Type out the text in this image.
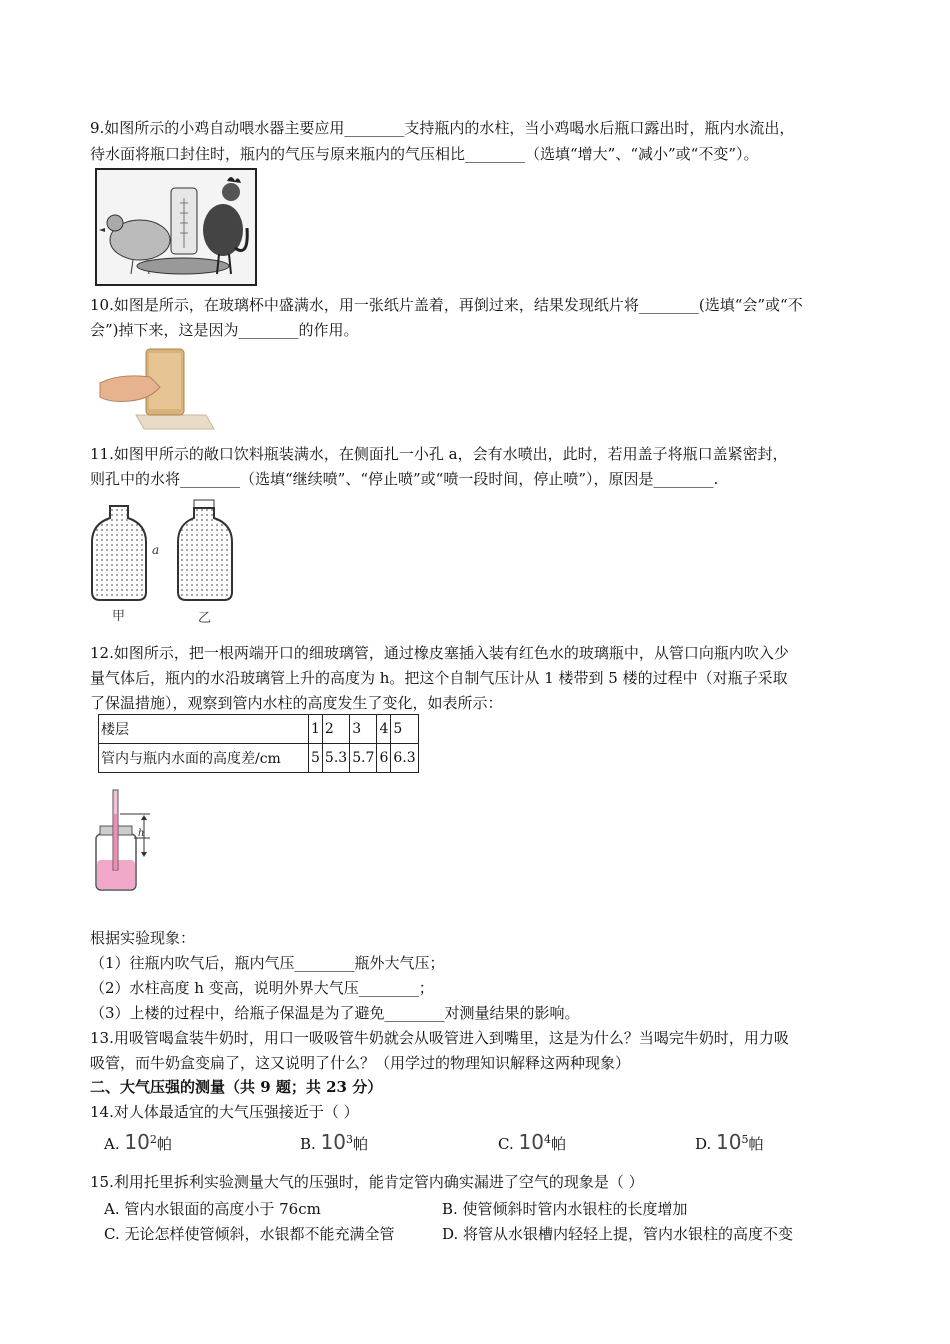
9.如图所示的小鸡自动喂水器主要应用________支持瓶内的水柱，当小鸡喝水后瓶口露出时，瓶内水流出，
待水面将瓶口封住时，瓶内的气压与原来瓶内的气压相比________（选填“增大”、“减小”或“不变”）。
10.如图是所示，在玻璃杯中盛满水，用一张纸片盖着，再倒过来，结果发现纸片将________(选填“会”或“不
会”)掉下来，这是因为________的作用。
11.如图甲所示的敞口饮料瓶装满水，在侧面扎一小孔 a，会有水喷出，此时，若用盖子将瓶口盖紧密封，
则孔中的水将________（选填“继续喷”、“停止喷”或“喷一段时间，停止喷”），原因是________.
a
甲	乙
12.如图所示，把一根两端开口的细玻璃管，通过橡皮塞插入装有红色水的玻璃瓶中，从管口向瓶内吹入少
量气体后，瓶内的水沿玻璃管上升的高度为 h。把这个自制气压计从 1 楼带到 5 楼的过程中（对瓶子采取
了保温措施），观察到管内水柱的高度发生了变化，如表所示：
楼层	1	2	3	4	5
管内与瓶内水面的高度差/cm	5	5.3	5.7	6	6.3
h
根据实验现象：
（1）往瓶内吹气后，瓶内气压________瓶外大气压；
（2）水柱高度 h 变高，说明外界大气压________；
（3）上楼的过程中，给瓶子保温是为了避免________对测量结果的影响。
13.用吸管喝盒装牛奶时，用口一吸吸管牛奶就会从吸管进入到嘴里，这是为什么？当喝完牛奶时，用力吸
吸管，而牛奶盒变扁了，这又说明了什么？（用学过的物理知识解释这两种现象）
二、大气压强的测量（共 9 题；共 23 分）
14.对人体最适宜的大气压强接近于（ ）
A. $10^2$帕	B. $10^3$帕	C. $10^4$帕	D. $10^5$帕
15.利用托里拆利实验测量大气的压强时，能肯定管内确实漏进了空气的现象是（ ）
A. 管内水银面的高度小于 76cm	B. 使管倾斜时管内水银柱的长度增加
C. 无论怎样使管倾斜，水银都不能充满全管	D. 将管从水银槽内轻轻上提，管内水银柱的高度不变
